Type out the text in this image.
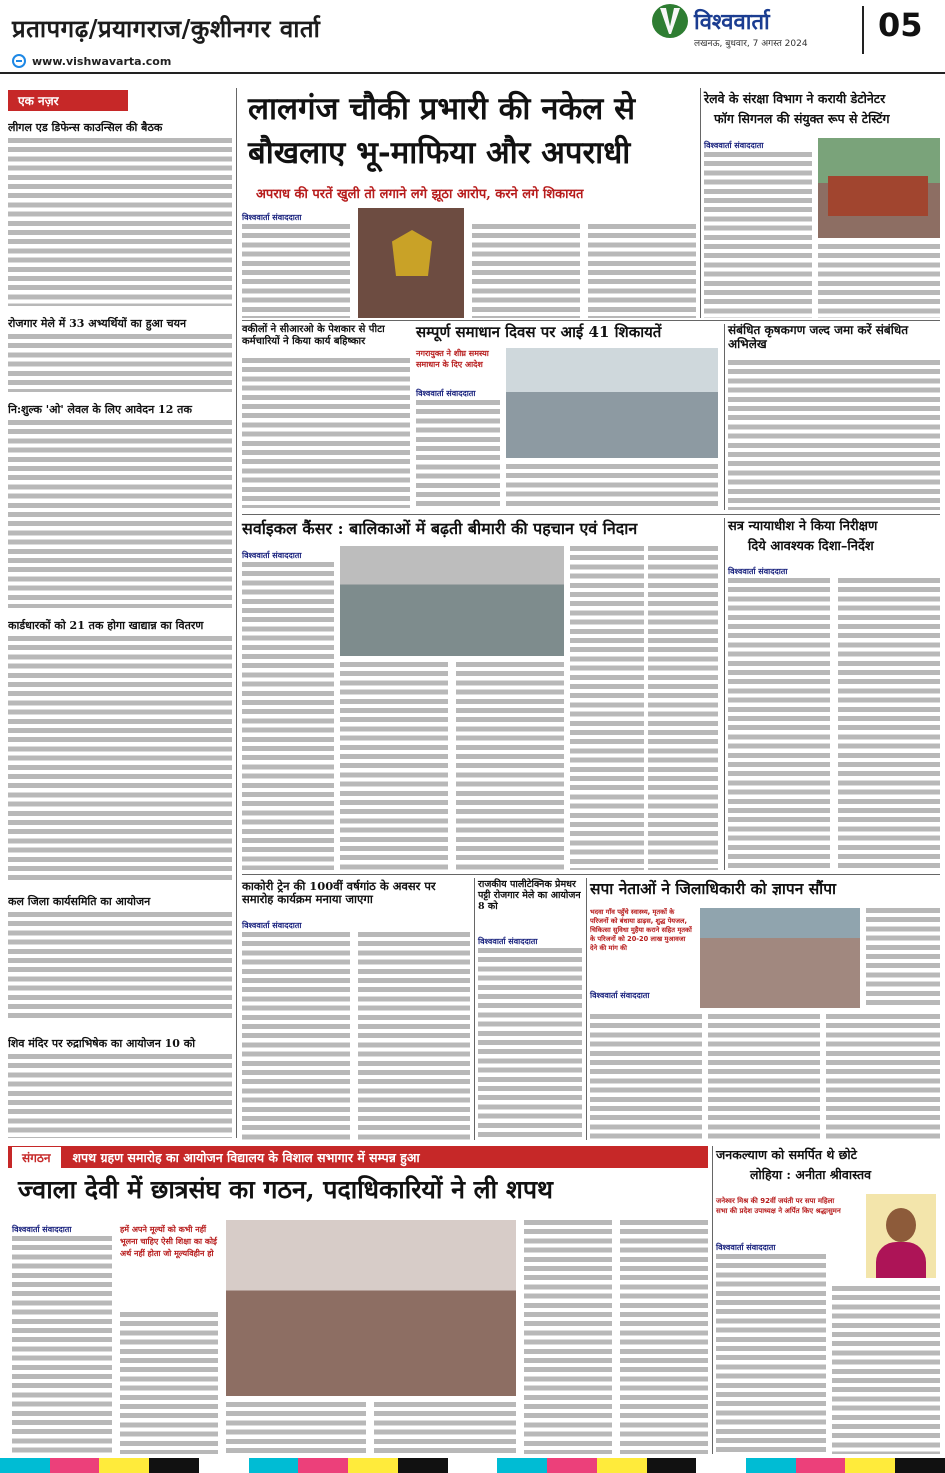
प्रतापगढ़/प्रयागराज/कुशीनगर वार्ता	विश्ववार्ता
लखनऊ, बुधवार, 7 अगस्त 2024 05
www.vishwavarta.com
एक नज़र
लीगल एड डिफेन्स काउन्सिल की बैठक
रोजगार मेले में 33 अभ्यर्थियों का हुआ चयन
नि:शुल्क 'ओ' लेवल के लिए आवेदन 12 तक
कार्डधारकों को 21 तक होगा खाद्यान्न का वितरण
कल जिला कार्यसमिति का आयोजन
शिव मंदिर पर रुद्राभिषेक का आयोजन 10 को
लालगंज चौकी प्रभारी की नकेल से
बौखलाए भू-माफिया और अपराधी
अपराध की परतें खुली तो लगाने लगे झूठा आरोप, करने लगे शिकायत
विश्ववार्ता संवाददाता
रेलवे के संरक्षा विभाग ने करायी डेटोनेटर
फॉग सिगनल की संयुक्त रूप से टेस्टिंग
विश्ववार्ता संवाददाता
वकीलों ने सीआरओ के पेशकार से पीटा कर्मचारियों ने किया कार्य बहिष्कार	सम्पूर्ण समाधान दिवस पर आई 41 शिकायतें
नगरायुक्त ने शीघ्र समस्या समाधान के दिए आदेश
विश्ववार्ता संवाददाता
संबंधित कृषकगण जल्द जमा करें संबंधित अभिलेख
सर्वाइकल कैंसर : बालिकाओं में बढ़ती बीमारी की पहचान एवं निदान
विश्ववार्ता संवाददाता
सत्र न्यायाधीश ने किया निरीक्षण
दिये आवश्यक दिशा–निर्देश
विश्ववार्ता संवाददाता
काकोरी ट्रेन की 100वीं वर्षगांठ के अवसर पर समारोह कार्यक्रम मनाया जाएगा
विश्ववार्ता संवाददाता
राजकीय पालीटेक्निक प्रेमधर पट्टी रोजगार मेले का आयोजन 8 को
विश्ववार्ता संवाददाता
सपा नेताओं ने जिलाधिकारी को ज्ञापन सौंपा
भदवा गाँव पहुँचे स्वास्थ्य, मृतकों के परिजनों को बंधाया ढाढ़स, शुद्ध पेयजल, चिकित्सा सुविधा मुहैया कराने सहित मृतकों के परिजनों को 20-20 लाख मुआवजा देने की मांग की
विश्ववार्ता संवाददाता
संगठन	शपथ ग्रहण समारोह का आयोजन विद्यालय के विशाल सभागार में सम्पन्न हुआ
ज्वाला देवी में छात्रसंघ का गठन, पदाधिकारियों ने ली शपथ
विश्ववार्ता संवाददाता	हमें अपने मूल्यों को कभी नहीं भूलना चाहिए ऐसी शिक्षा का कोई अर्थ नहीं होता जो मूल्यविहीन हो
जनकल्याण को समर्पित थे छोटे
लोहिया : अनीता श्रीवास्तव
जनेश्वर मिश्र की 92वीं जयंती पर सपा महिला सभा की प्रदेश उपाध्यक्ष ने अर्पित किए श्रद्धासुमन
विश्ववार्ता संवाददाता
